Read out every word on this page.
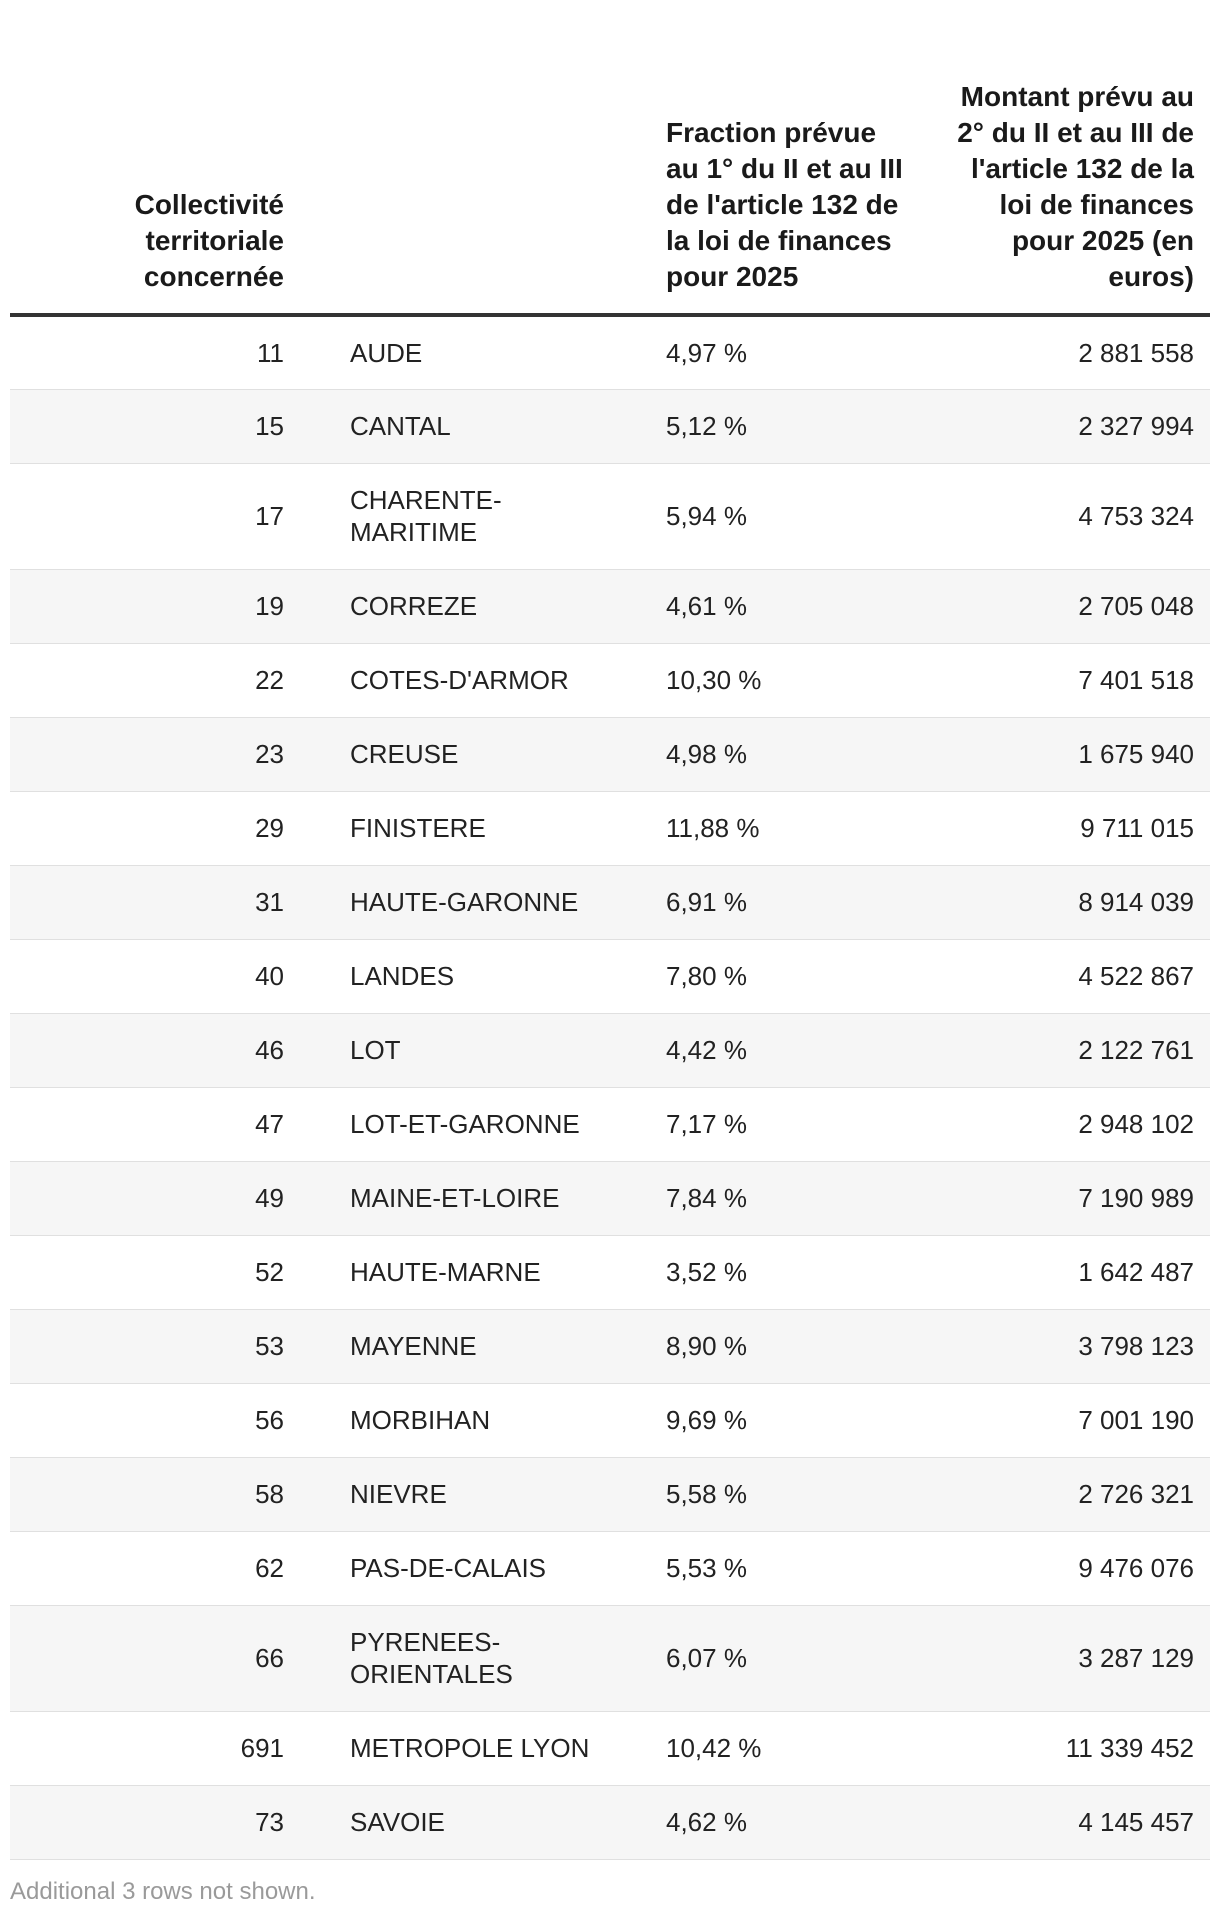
Collectivité territoriale concernée		Fraction prévue au 1° du II et au III de l'article 132 de la loi de finances pour 2025	Montant prévu au 2° du II et au III de l'article 132 de la loi de finances pour 2025 (en euros)
11	AUDE	4,97 %	2 881 558
15	CANTAL	5,12 %	2 327 994
17	CHARENTE-MARITIME	5,94 %	4 753 324
19	CORREZE	4,61 %	2 705 048
22	COTES-D'ARMOR	10,30 %	7 401 518
23	CREUSE	4,98 %	1 675 940
29	FINISTERE	11,88 %	9 711 015
31	HAUTE-GARONNE	6,91 %	8 914 039
40	LANDES	7,80 %	4 522 867
46	LOT	4,42 %	2 122 761
47	LOT-ET-GARONNE	7,17 %	2 948 102
49	MAINE-ET-LOIRE	7,84 %	7 190 989
52	HAUTE-MARNE	3,52 %	1 642 487
53	MAYENNE	8,90 %	3 798 123
56	MORBIHAN	9,69 %	7 001 190
58	NIEVRE	5,58 %	2 726 321
62	PAS-DE-CALAIS	5,53 %	9 476 076
66	PYRENEES-ORIENTALES	6,07 %	3 287 129
691	METROPOLE LYON	10,42 %	11 339 452
73	SAVOIE	4,62 %	4 145 457
Additional 3 rows not shown.
